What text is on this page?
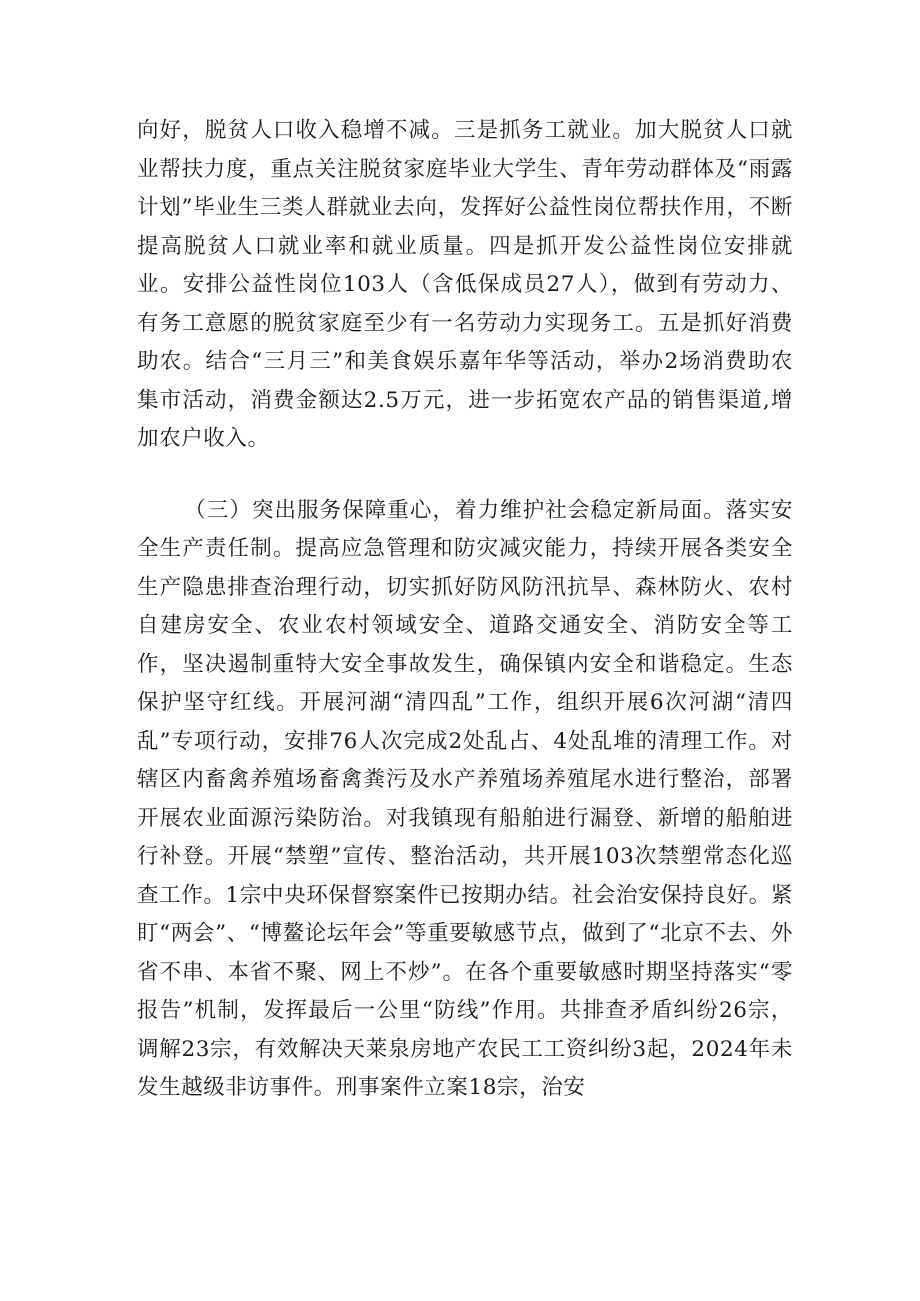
向好，脱贫人口收入稳增不减。三是抓务工就业。加大脱贫人口就业帮扶力度，重点关注脱贫家庭毕业大学生、青年劳动群体及“雨露计划”毕业生三类人群就业去向，发挥好公益性岗位帮扶作用，不断提高脱贫人口就业率和就业质量。四是抓开发公益性岗位安排就业。安排公益性岗位103人（含低保成员27人），做到有劳动力、有务工意愿的脱贫家庭至少有一名劳动力实现务工。五是抓好消费助农。结合“三月三”和美食娱乐嘉年华等活动，举办2场消费助农集市活动，消费金额达2.5万元，进一步拓宽农产品的销售渠道,增加农户收入。

（三）突出服务保障重心，着力维护社会稳定新局面。落实安全生产责任制。提高应急管理和防灾减灾能力，持续开展各类安全生产隐患排查治理行动，切实抓好防风防汛抗旱、森林防火、农村自建房安全、农业农村领域安全、道路交通安全、消防安全等工作，坚决遏制重特大安全事故发生，确保镇内安全和谐稳定。生态保护坚守红线。开展河湖“清四乱”工作，组织开展6次河湖“清四乱”专项行动，安排76人次完成2处乱占、4处乱堆的清理工作。对辖区内畜禽养殖场畜禽粪污及水产养殖场养殖尾水进行整治，部署开展农业面源污染防治。对我镇现有船舶进行漏登、新增的船舶进行补登。开展“禁塑”宣传、整治活动，共开展103次禁塑常态化巡查工作。1宗中央环保督察案件已按期办结。社会治安保持良好。紧盯“两会”、“博鳌论坛年会”等重要敏感节点，做到了“北京不去、外省不串、本省不聚、网上不炒”。在各个重要敏感时期坚持落实“零报告”机制，发挥最后一公里“防线”作用。共排查矛盾纠纷26宗，调解23宗，有效解决天莱泉房地产农民工工资纠纷3起，2024年未发生越级非访事件。刑事案件立案18宗，治安
